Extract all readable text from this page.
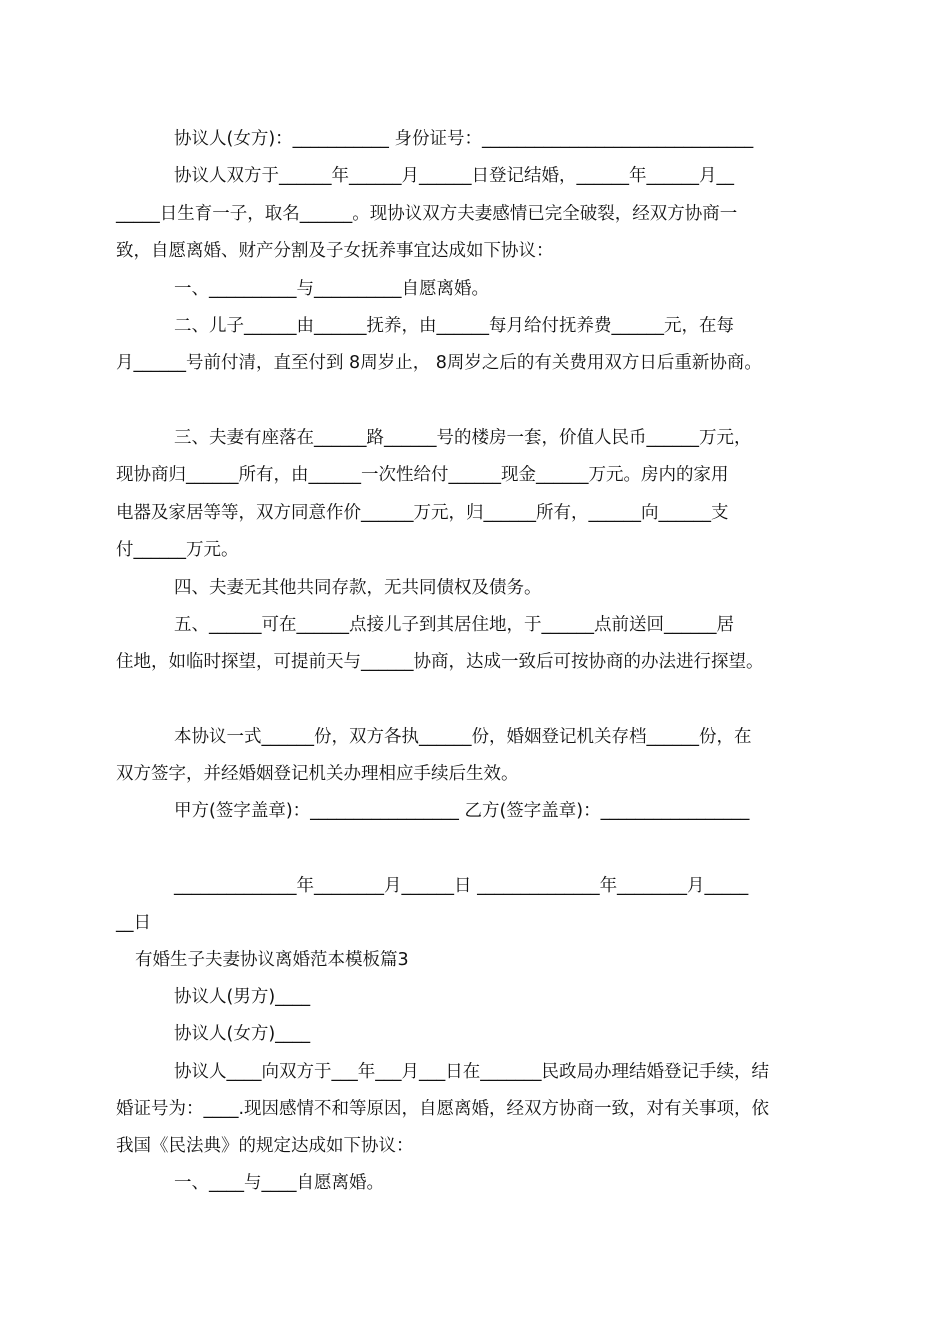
协议人(女方)：___________ 身份证号：_______________________________
协议人双方于______年______月______日登记结婚，______年______月__
_____日生育一子，取名______。现协议双方夫妻感情已完全破裂，经双方协商一
致，自愿离婚、财产分割及子女抚养事宜达成如下协议：
一、__________与__________自愿离婚。
二、儿子______由______抚养，由______每月给付抚养费______元，在每
月______号前付清，直至付到 8周岁止， 8周岁之后的有关费用双方日后重新协商。
三、夫妻有座落在______路______号的楼房一套，价值人民币______万元，
现协商归______所有，由______一次性给付______现金______万元。房内的家用
电器及家居等等，双方同意作价______万元，归______所有，______向______支
付______万元。
四、夫妻无其他共同存款，无共同债权及债务。
五、______可在______点接儿子到其居住地，于______点前送回______居
住地，如临时探望，可提前天与______协商，达成一致后可按协商的办法进行探望。
本协议一式______份，双方各执______份，婚姻登记机关存档______份，在
双方签字，并经婚姻登记机关办理相应手续后生效。
甲方(签字盖章)：_________________ 乙方(签字盖章)：_________________
______________年________月______日 ______________年________月_____
__日
有婚生子夫妻协议离婚范本模板篇3
协议人(男方)____
协议人(女方)____
协议人____向双方于___年___月___日在_______民政局办理结婚登记手续，结
婚证号为：____.现因感情不和等原因，自愿离婚，经双方协商一致，对有关事项，依
我国《民法典》的规定达成如下协议：
一、____与____自愿离婚。
